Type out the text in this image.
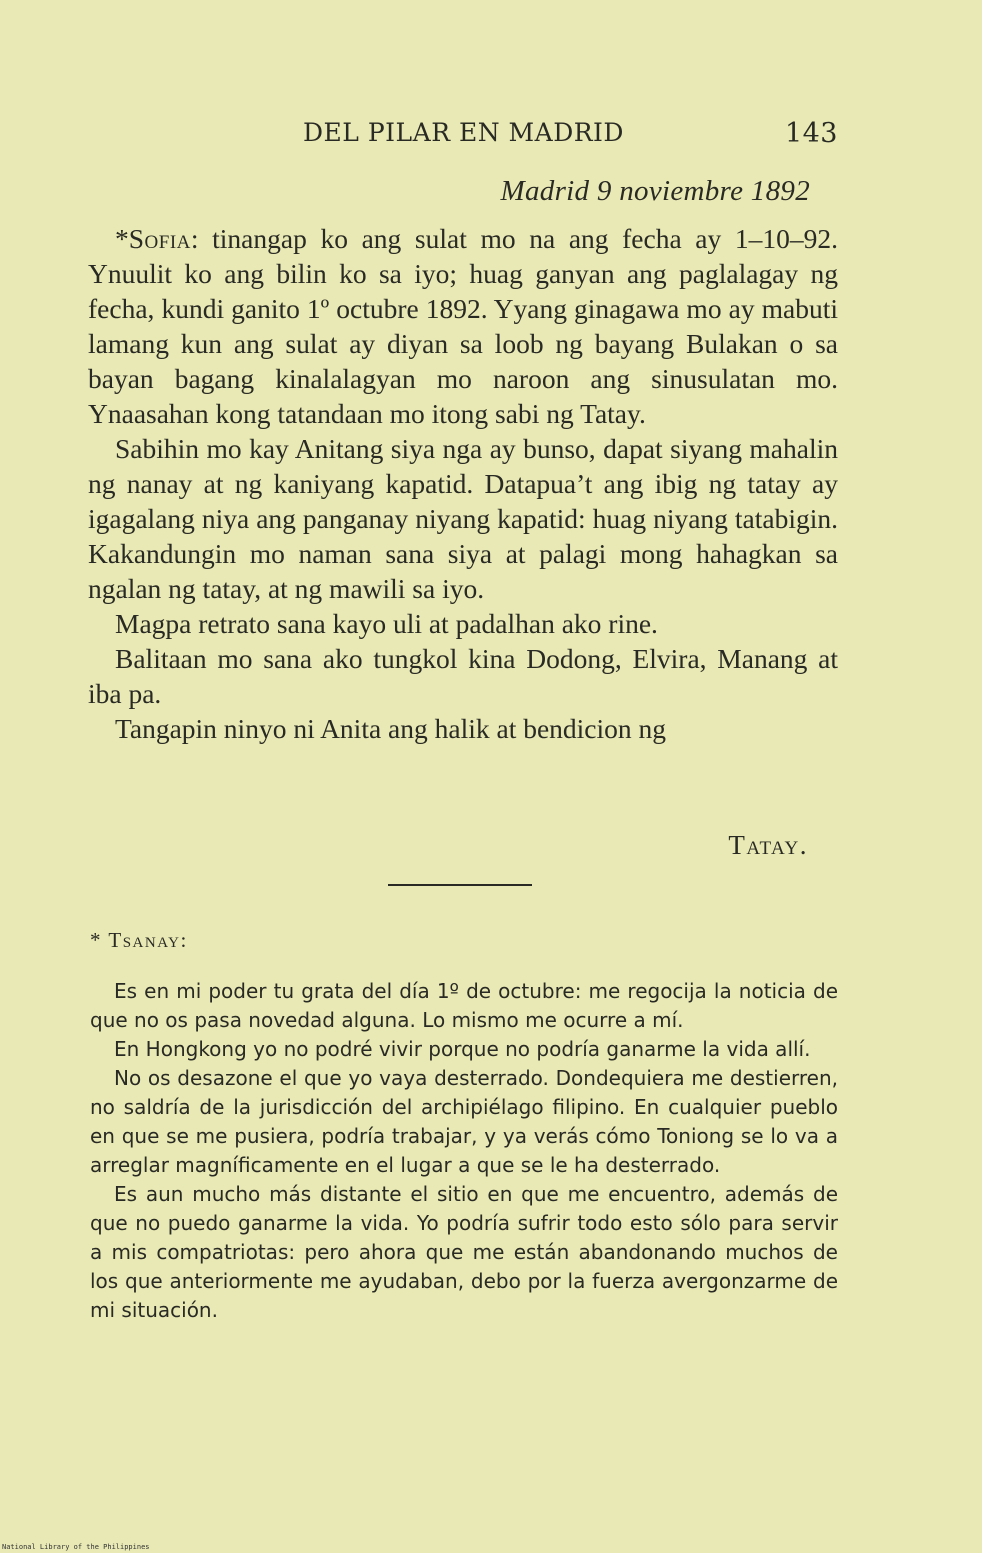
DEL PILAR EN MADRID	143
Madrid 9 noviembre 1892

*Sofia: tinangap ko ang sulat mo na ang fecha ay 1–10–92. Ynuulit ko ang bilin ko sa iyo; huag ganyan ang paglalagay ng fecha, kundi ganito 1º octubre 1892. Yyang ginagawa mo ay mabuti lamang kun ang sulat ay diyan sa loob ng bayang Bulakan o sa bayan bagang kinalalagyan mo naroon ang sinusulatan mo. Ynaasahan kong tatandaan mo itong sabi ng Tatay.

Sabihin mo kay Anitang siya nga ay bunso, dapat siyang mahalin ng nanay at ng kaniyang kapatid. Datapua’t ang ibig ng tatay ay igagalang niya ang panganay niyang kapatid: huag niyang tatabigin. Kakandungin mo naman sana siya at palagi mong hahagkan sa ngalan ng tatay, at ng mawili sa iyo.

Magpa retrato sana kayo uli at padalhan ako rine.

Balitaan mo sana ako tungkol kina Dodong, Elvira, Manang at iba pa.

Tangapin ninyo ni Anita ang halik at bendicion ng

Tatay.
* Tsanay:

Es en mi poder tu grata del día 1º de octubre: me regocija la noticia de que no os pasa novedad alguna. Lo mismo me ocurre a mí.

En Hongkong yo no podré vivir porque no podría ganarme la vida allí.

No os desazone el que yo vaya desterrado. Dondequiera me destierren, no saldría de la jurisdicción del archipiélago filipino. En cualquier pueblo en que se me pusiera, podría trabajar, y ya verás cómo Toniong se lo va a arreglar magníficamente en el lugar a que se le ha desterrado.

Es aun mucho más distante el sitio en que me encuentro, además de que no puedo ganarme la vida. Yo podría sufrir todo esto sólo para servir a mis compatriotas: pero ahora que me están abandonando muchos de los que anteriormente me ayudaban, debo por la fuerza avergonzarme de mi situación.

National Library of the Philippines
